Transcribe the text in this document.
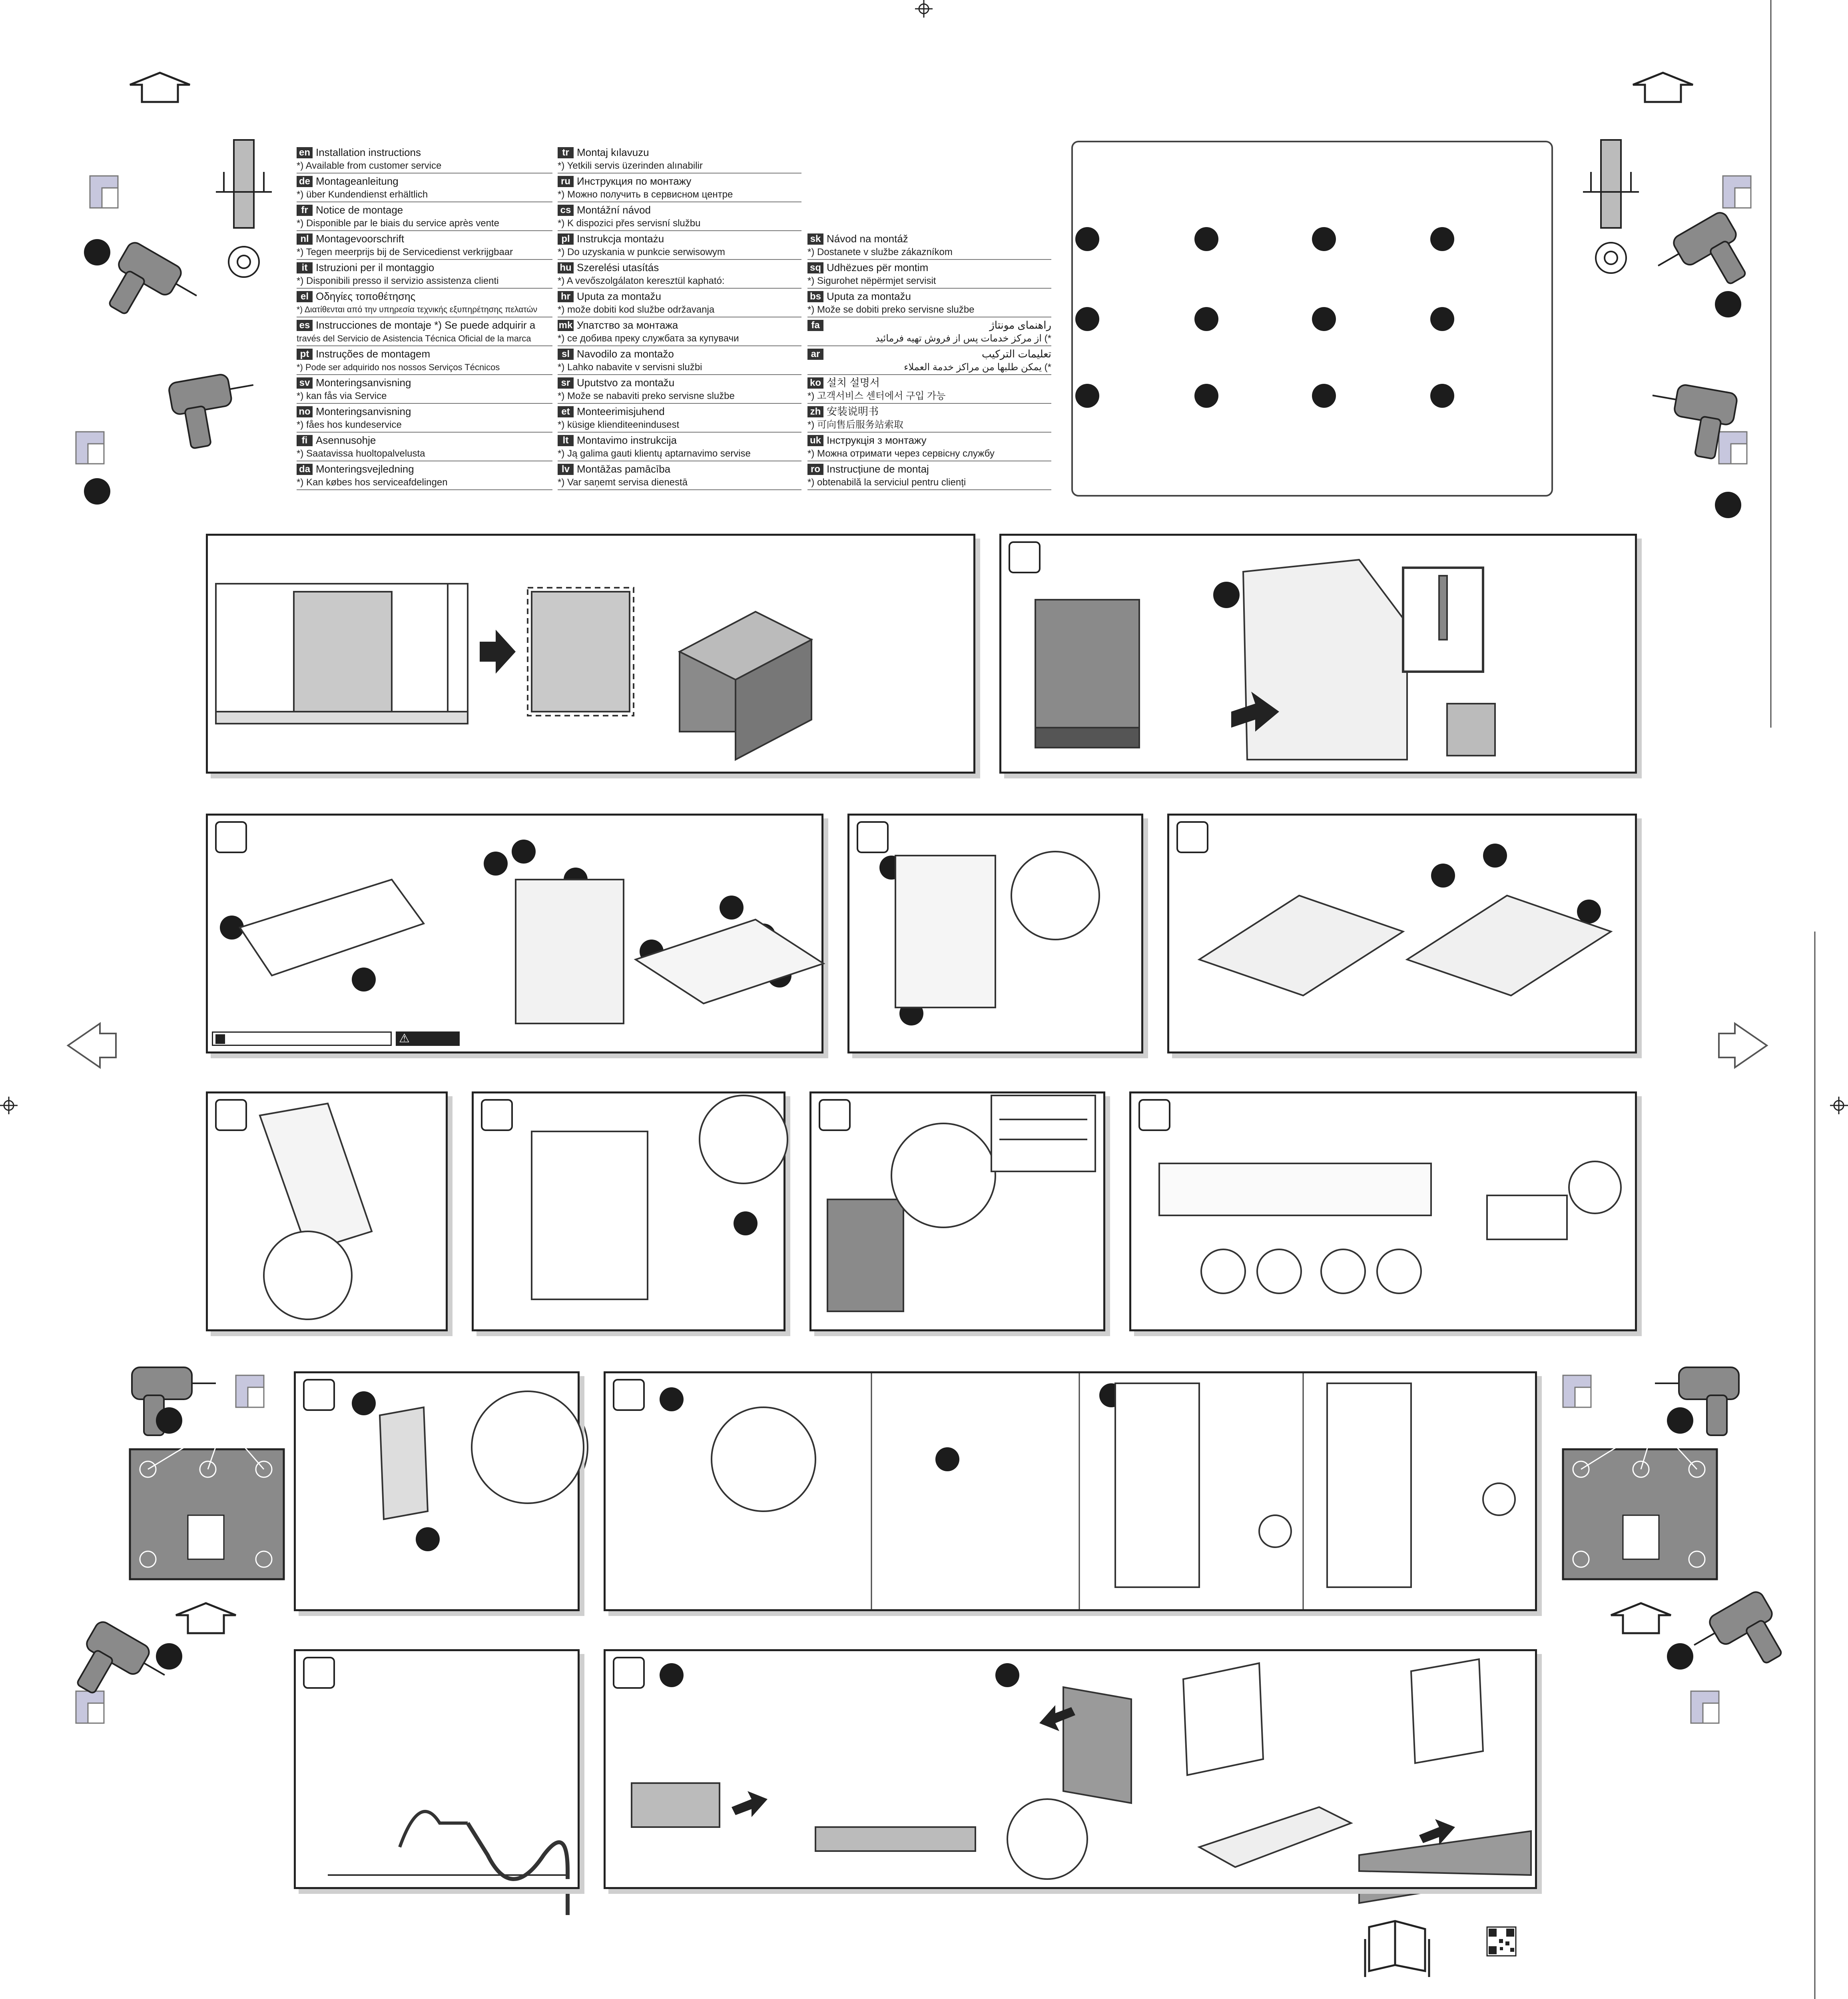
en Installation instructions
*) Available from customer service
de Montageanleitung
*) über Kundendienst erhältlich
fr Notice de montage
*) Disponible par le biais du service après vente
nl Montagevoorschrift
*) Tegen meerprijs bij de Servicedienst verkrijgbaar
it Istruzioni per il montaggio
*) Disponibili presso il servizio assistenza clienti
el Οδηγίες τοποθέτησης
*) Διατίθενται από την υπηρεσία τεχνικής εξυπηρέτησης πελατών
es Instrucciones de montaje *) Se puede adquirir a
través del Servicio de Asistencia Técnica Oficial de la marca
pt Instruções de montagem
*) Pode ser adquirido nos nossos Serviços Técnicos
sv Monteringsanvisning
*) kan fås via Service
no Monteringsanvisning
*) fåes hos kundeservice
fi Asennusohje
*) Saatavissa huoltopalvelusta
da Monteringsvejledning
*) Kan købes hos serviceafdelingen
tr Montaj kılavuzu
*) Yetkili servis üzerinden alınabilir
ru Инструкция по монтажу
*) Можно получить в сервисном центре
cs Montážní návod
*) K dispozici přes servisní službu
pl Instrukcja montażu
*) Do uzyskania w punkcie serwisowym
hu Szerelési utasítás
*) A vevőszolgálaton keresztül kapható:
hr Uputa za montažu
*) može dobiti kod službe održavanja
mk Упатство за монтажа
*) се добива преку службата за купувачи
sl Navodilo za montažo
*) Lahko nabavite v servisni službi
sr Uputstvo za montažu
*) Može se nabaviti preko servisne službe
et Monteerimisjuhend
*) küsige klienditeenindusest
lt Montavimo instrukcija
*) Ją galima gauti klientų aptarnavimo servise
lv Montāžas pamācība
*) Var saņemt servisa dienestā
sk Návod na montáž
*) Dostanete v službe zákazníkom
sq Udhëzues për montim
*) Sigurohet nëpërmjet servisit
bs Uputa za montažu
*) Može se dobiti preko servisne službe
fa	راهنمای مونتاژ
*) از مرکز خدمات پس از فروش تهیه فرمائید
ar	تعليمات التركيب
*) يمكن طلبها من مراكز خدمة العملاء
ko 설치 설명서
*) 고객서비스 센터에서 구입 가능
zh 安装说明书
*) 可向售后服务站索取
uk Інструкція з монтажу
*) Можна отримати через сервісну службу
ro Instrucțiune de montaj
*) obtenabilă la serviciul pentru clienți
⚠
